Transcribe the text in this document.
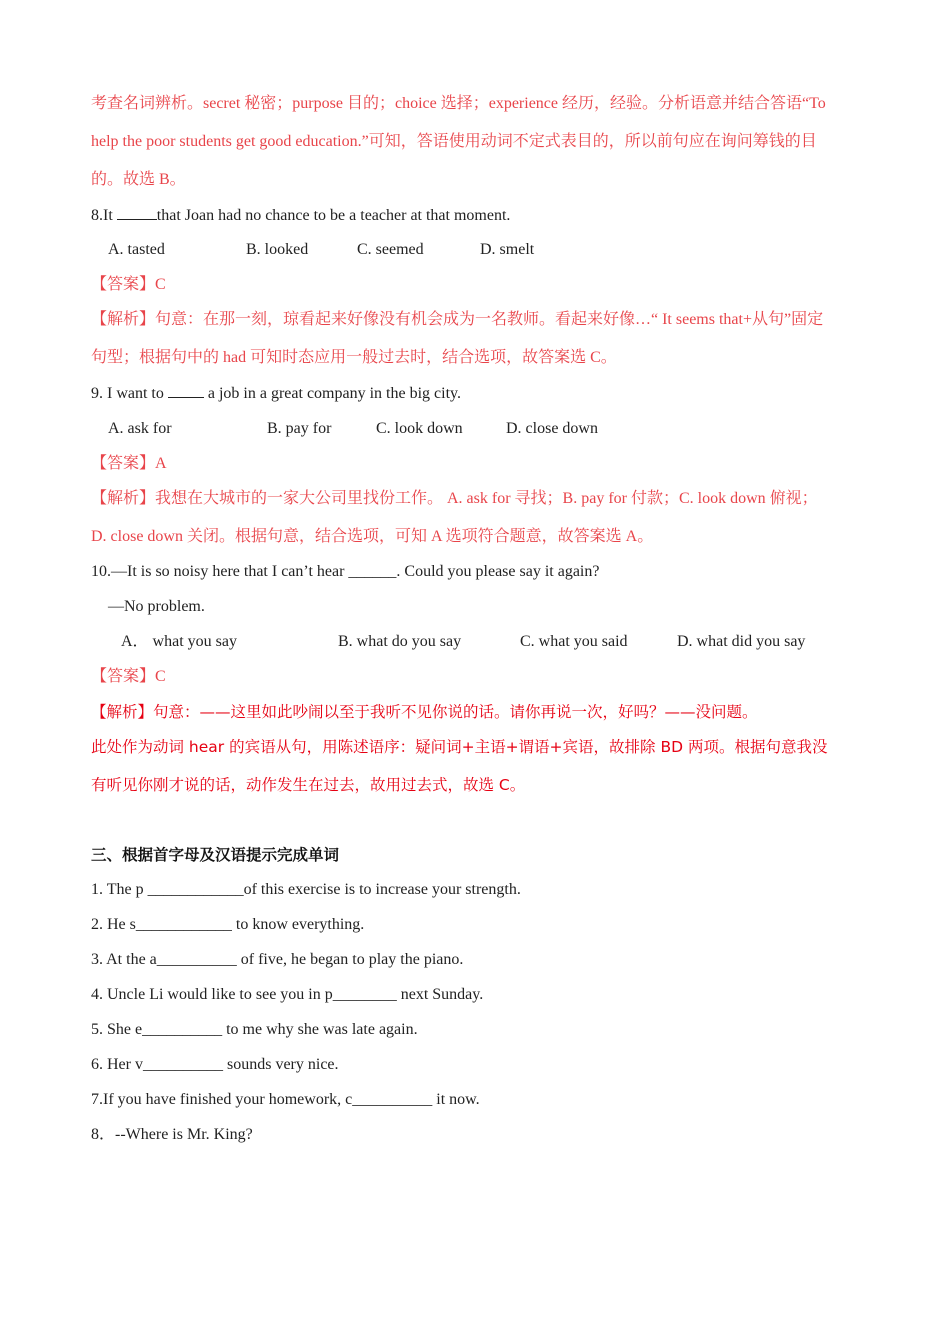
考查名词辨析。secret 秘密；purpose 目的；choice 选择；experience 经历，经验。分析语意并结合答语“To
help the poor students get good education.”可知，答语使用动词不定式表目的，所以前句应在询问筹钱的目
的。故选 B。
8.It	that Joan had no chance to be a teacher at that moment.
A. tasted	B. looked	C. seemed	D. smelt
【答案】C
【解析】句意：在那一刻，琼看起来好像没有机会成为一名教师。看起来好像…“ It seems that+从句”固定
句型；根据句中的 had 可知时态应用一般过去时，结合选项，故答案选 C。
9. I want to  a job in a great company in the big city.
A. ask for	B. pay for	C. look down	D. close down
【答案】A
【解析】我想在大城市的一家大公司里找份工作。 A. ask for 寻找；B. pay for 付款；C. look down 俯视；
D. close down 关闭。根据句意，结合选项，可知 A 选项符合题意，故答案选 A。
10.—It is so noisy here that I can’t hear ______. Could you please say it again?
—No problem.
A． what you say	B. what do you say	C. what you said	D. what did you say
【答案】C
【解析】句意：——这里如此吵闹以至于我听不见你说的话。请你再说一次，好吗？——没问题。
此处作为动词 hear 的宾语从句，用陈述语序：疑问词+主语+谓语+宾语，故排除 BD 两项。根据句意我没
有听见你刚才说的话，动作发生在过去，故用过去式，故选 C。
三、根据首字母及汉语提示完成单词
1. The p ____________of this exercise is to increase your strength.
2. He s____________ to know everything.
3. At the a__________ of five, he began to play the piano.
4. Uncle Li would like to see you in p________ next Sunday.
5. She e__________ to me why she was late again.
6. Her v__________ sounds very nice.
7.If you have finished your homework, c__________ it now.
8．--Where is Mr. King?
